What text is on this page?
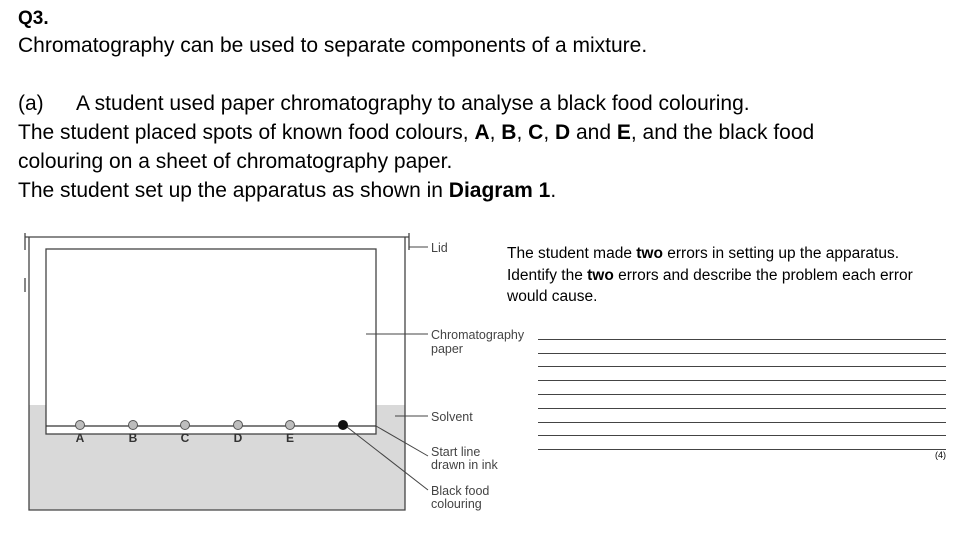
Q3.
Chromatography can be used to separate components of a mixture.
(a) A student used paper chromatography to analyse a black food colouring.
The student placed spots of known food colours, A, B, C, D and E, and the black food
colouring on a sheet of chromatography paper.
The student set up the apparatus as shown in Diagram 1.
A	B	C	D	E
Lid
Chromatography
paper
Solvent
Start line
drawn in ink
Black food
colouring
The student made two errors in setting up the apparatus.
Identify the two errors and describe the problem each error would cause.
(4)
